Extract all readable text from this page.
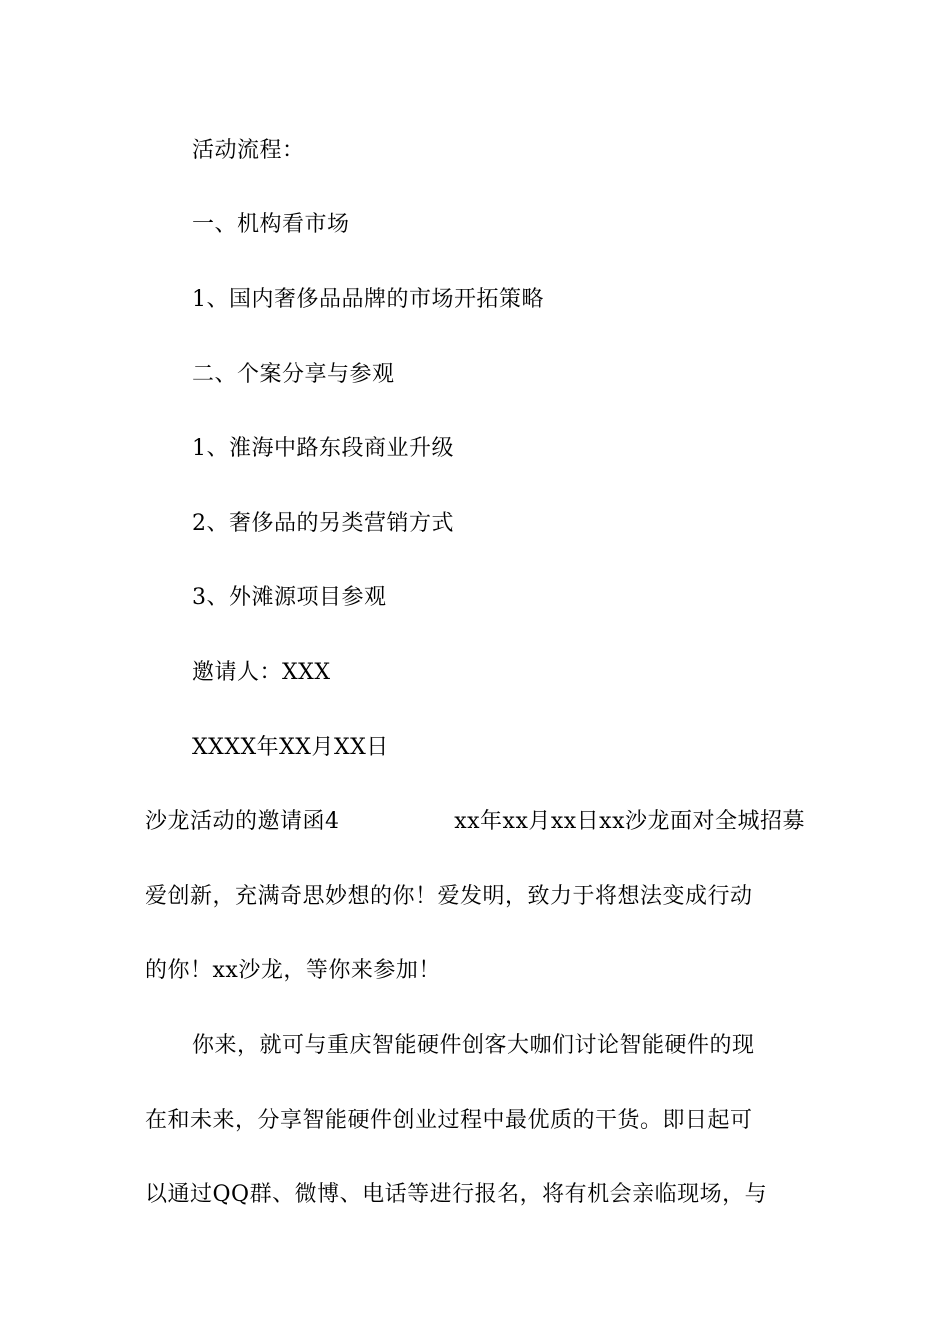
活动流程：
一、机构看市场
1、国内奢侈品品牌的市场开拓策略
二、个案分享与参观
1、淮海中路东段商业升级
2、奢侈品的另类营销方式
3、外滩源项目参观
邀请人：XXX
XXXX年XX月XX日
沙龙活动的邀请函4	xx年xx月xx日xx沙龙面对全城招募
爱创新，充满奇思妙想的你！爱发明，致力于将想法变成行动
的你！xx沙龙，等你来参加！
你来，就可与重庆智能硬件创客大咖们讨论智能硬件的现
在和未来，分享智能硬件创业过程中最优质的干货。即日起可
以通过QQ群、微博、电话等进行报名，将有机会亲临现场，与
